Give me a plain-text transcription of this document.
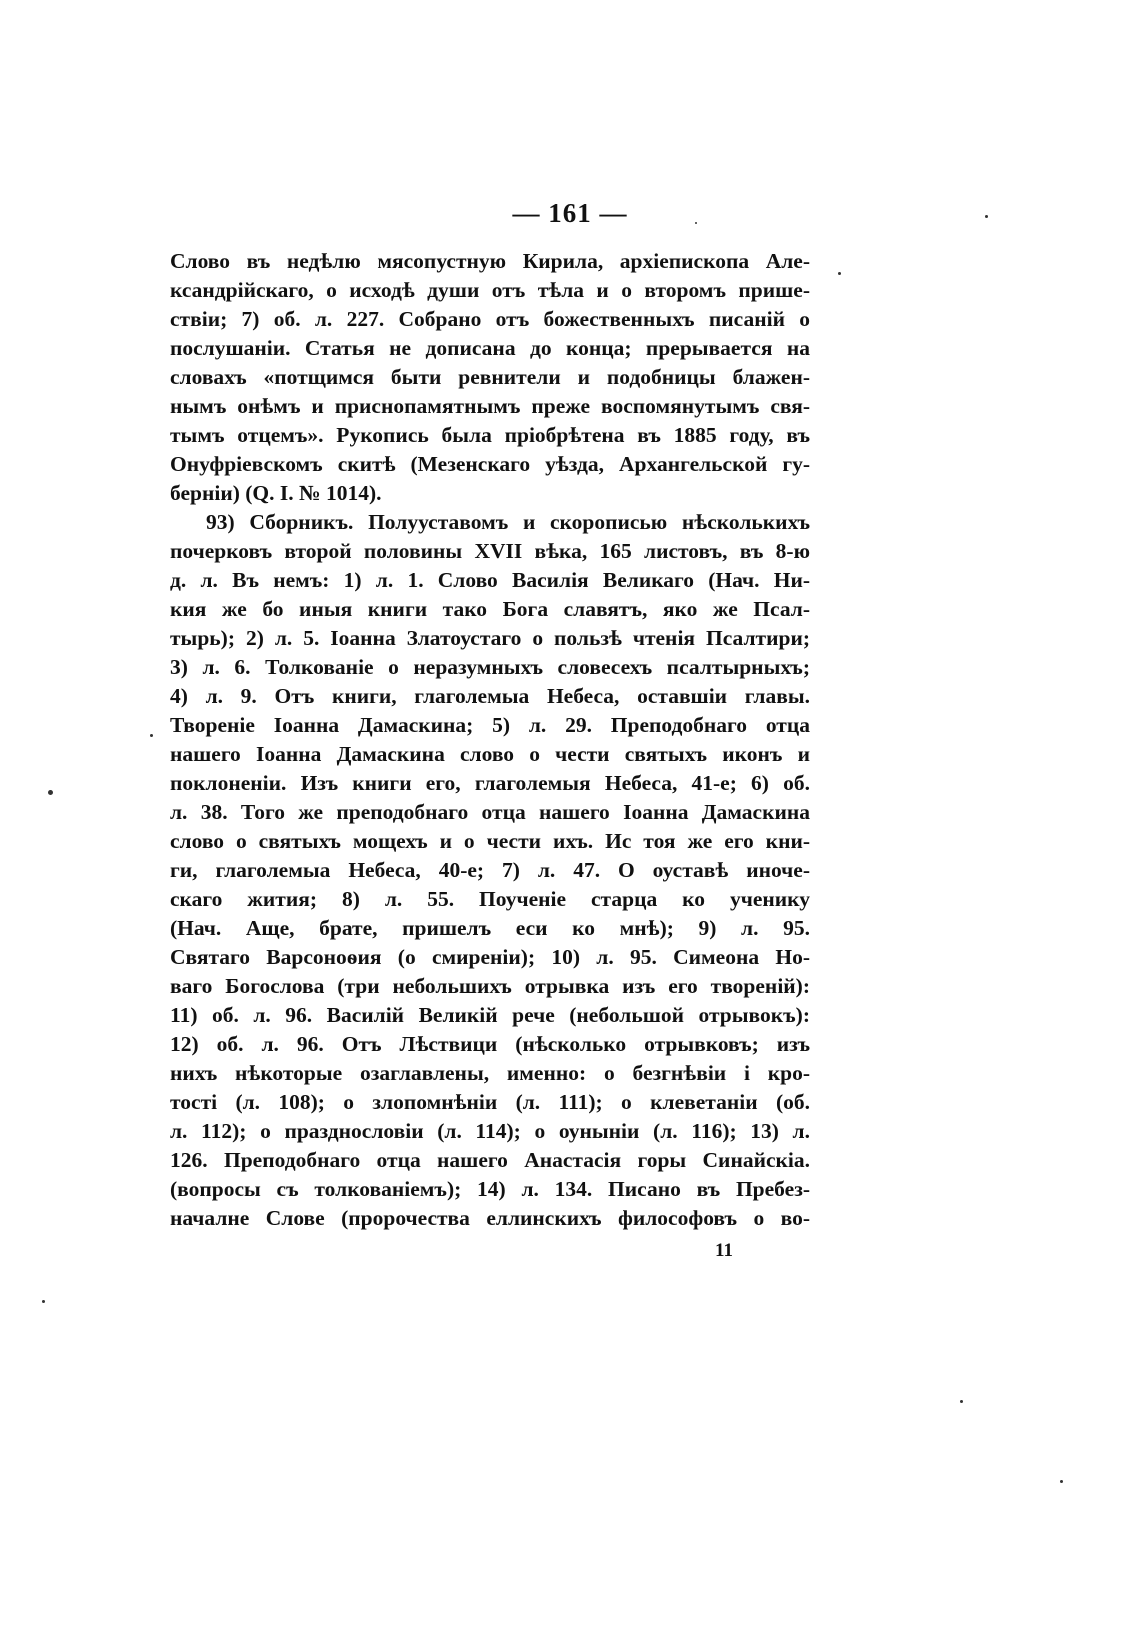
— 161 —
Слово въ недѣлю мясопустную Кирила, архіепископа Але-
ксандрійскаго, о исходѣ души отъ тѣла и о второмъ прише-
ствіи; 7) об. л. 227. Собрано отъ божественныхъ писаній о
послушаніи. Статья не дописана до конца; прерывается на
словахъ «потщимся быти ревнители и подобницы блажен-
нымъ онѣмъ и приснопамятнымъ преже воспомянутымъ свя-
тымъ отцемъ». Рукопись была пріобрѣтена въ 1885 году, въ
Онуфріевскомъ скитѣ (Мезенскаго уѣзда, Архангельской гу-
берніи) (Q. I. № 1014).
93) Сборникъ. Полууставомъ и скорописью нѣсколькихъ
почерковъ второй половины XVII вѣка, 165 листовъ, въ 8-ю
д. л. Въ немъ: 1) л. 1. Слово Василія Великаго (Нач. Ни-
кия же бо иныя книги тако Бога славятъ, яко же Псал-
тырь); 2) л. 5. Іоанна Златоустаго о пользѣ чтенія Псалтири;
3) л. 6. Толкованіе о неразумныхъ словесехъ псалтырныхъ;
4) л. 9. Отъ книги, глаголемыа Небеса, оставшіи главы.
Твореніе Іоанна Дамаскина; 5) л. 29. Преподобнаго отца
нашего Іоанна Дамаскина слово о чести святыхъ иконъ и
поклоненіи. Изъ книги его, глаголемыя Небеса, 41-е; 6) об.
л. 38. Того же преподобнаго отца нашего Іоанна Дамаскина
слово о святыхъ мощехъ и о чести ихъ. Ис тоя же его кни-
ги, глаголемыа Небеса, 40-е; 7) л. 47. О оуставѣ иноче-
скаго жития; 8) л. 55. Поученіе старца ко ученику
(Нач. Аще, брате, пришелъ еси ко мнѣ); 9) л. 95.
Святаго Варсоноѳия (о смиреніи); 10) л. 95. Симеона Но-
ваго Богослова (три небольшихъ отрывка изъ его твореній):
11) об. л. 96. Василій Великій рече (небольшой отрывокъ):
12) об. л. 96. Отъ Лѣствици (нѣсколько отрывковъ; изъ
нихъ нѣкоторые озаглавлены, именно: о безгнѣвіи і кро-
тості (л. 108); о злопомнѣніи (л. 111); о клеветаніи (об.
л. 112); о празднословіи (л. 114); о оуныніи (л. 116); 13) л.
126. Преподобнаго отца нашего Анастасія горы Синайскіа.
(вопросы съ толкованіемъ); 14) л. 134. Писано въ Пребез-
началне Слове (пророчества еллинскихъ философовъ о во-
11
